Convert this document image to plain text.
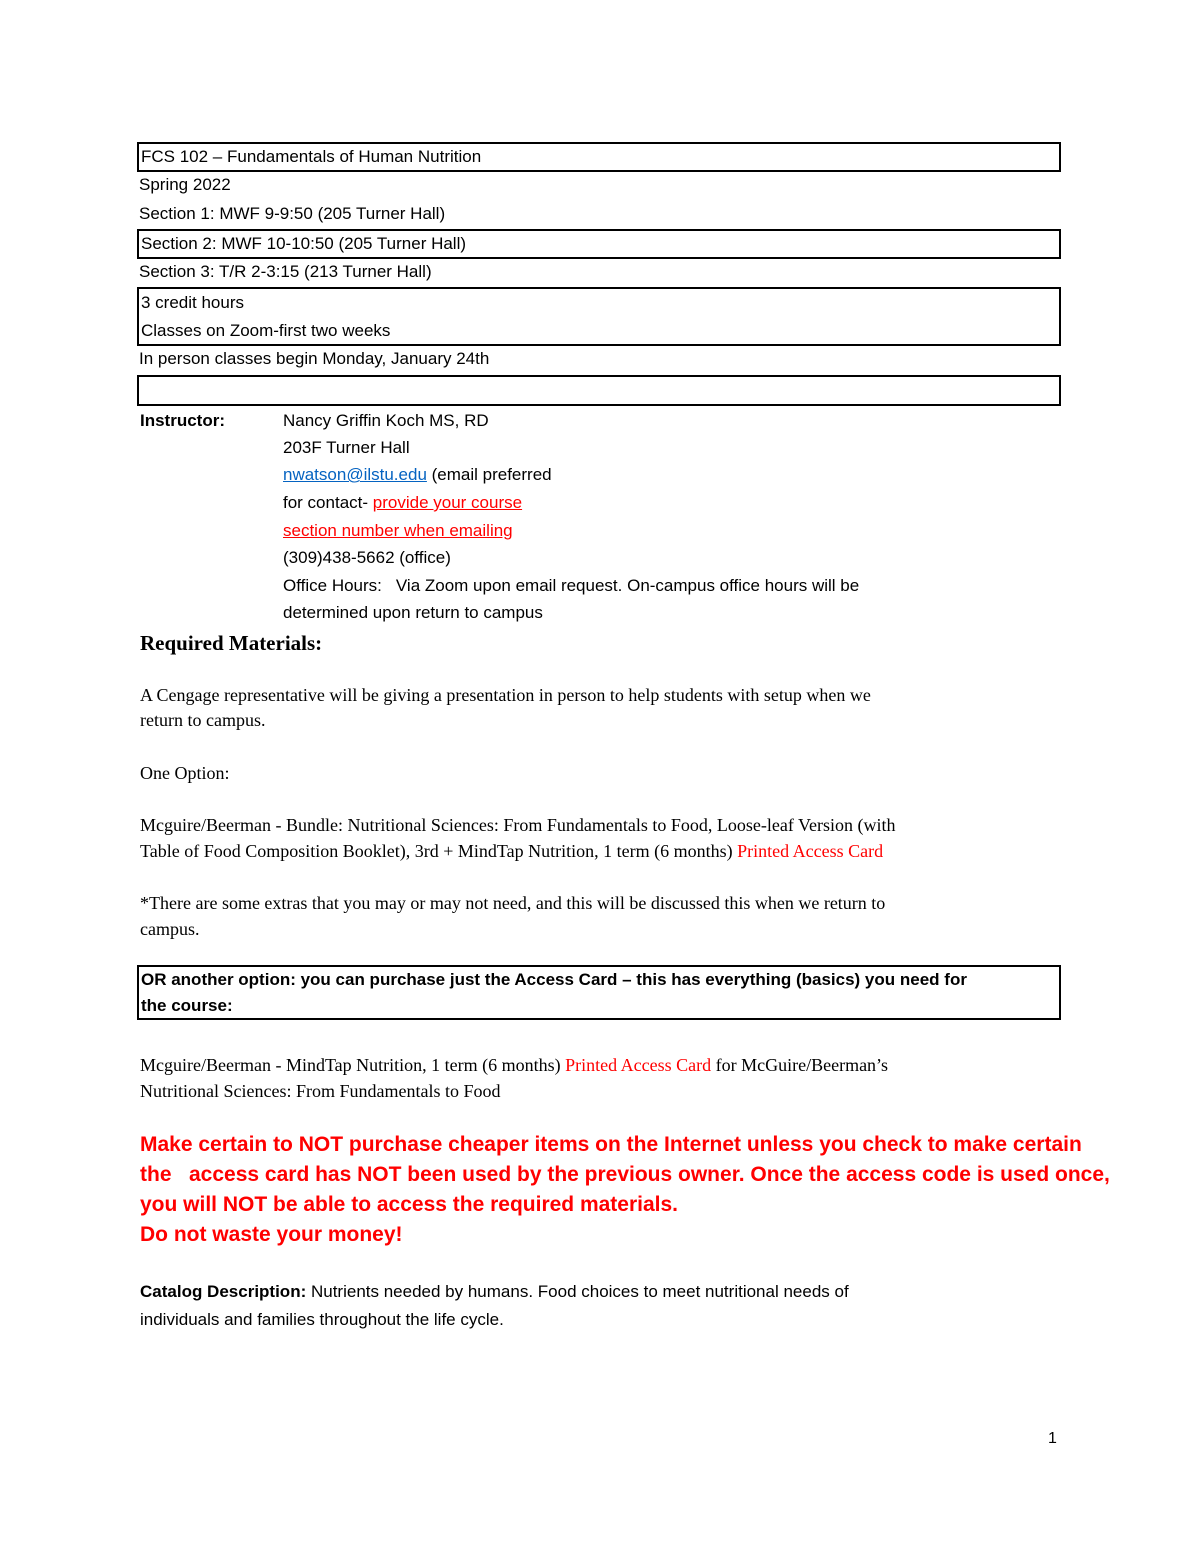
FCS 102 – Fundamentals of Human Nutrition
Spring 2022
Section 1: MWF 9-9:50 (205 Turner Hall)
Section 2: MWF 10-10:50 (205 Turner Hall)
Section 3: T/R 2-3:15 (213 Turner Hall)
3 credit hours
Classes on Zoom-first two weeks
In person classes begin Monday, January 24th
Instructor:	Nancy Griffin Koch MS, RD
203F Turner Hall
nwatson@ilstu.edu (email preferred
for contact- provide your course
section number when emailing
(309)438-5662 (office)
Office Hours: Via Zoom upon email request. On-campus office hours will be
determined upon return to campus
Required Materials:
A Cengage representative will be giving a presentation in person to help students with setup when we
return to campus.
One Option:
Mcguire/Beerman - Bundle: Nutritional Sciences: From Fundamentals to Food, Loose-leaf Version (with
Table of Food Composition Booklet), 3rd + MindTap Nutrition, 1 term (6 months) Printed Access Card
*There are some extras that you may or may not need, and this will be discussed this when we return to
campus.
OR another option: you can purchase just the Access Card – this has everything (basics) you need for
the course:
Mcguire/Beerman - MindTap Nutrition, 1 term (6 months) Printed Access Card for McGuire/Beerman’s
Nutritional Sciences: From Fundamentals to Food
Make certain to NOT purchase cheaper items on the Internet unless you check to make certain
the   access card has NOT been used by the previous owner. Once the access code is used once,
you will NOT be able to access the required materials.
Do not waste your money!
Catalog Description: Nutrients needed by humans. Food choices to meet nutritional needs of
individuals and families throughout the life cycle.
1
